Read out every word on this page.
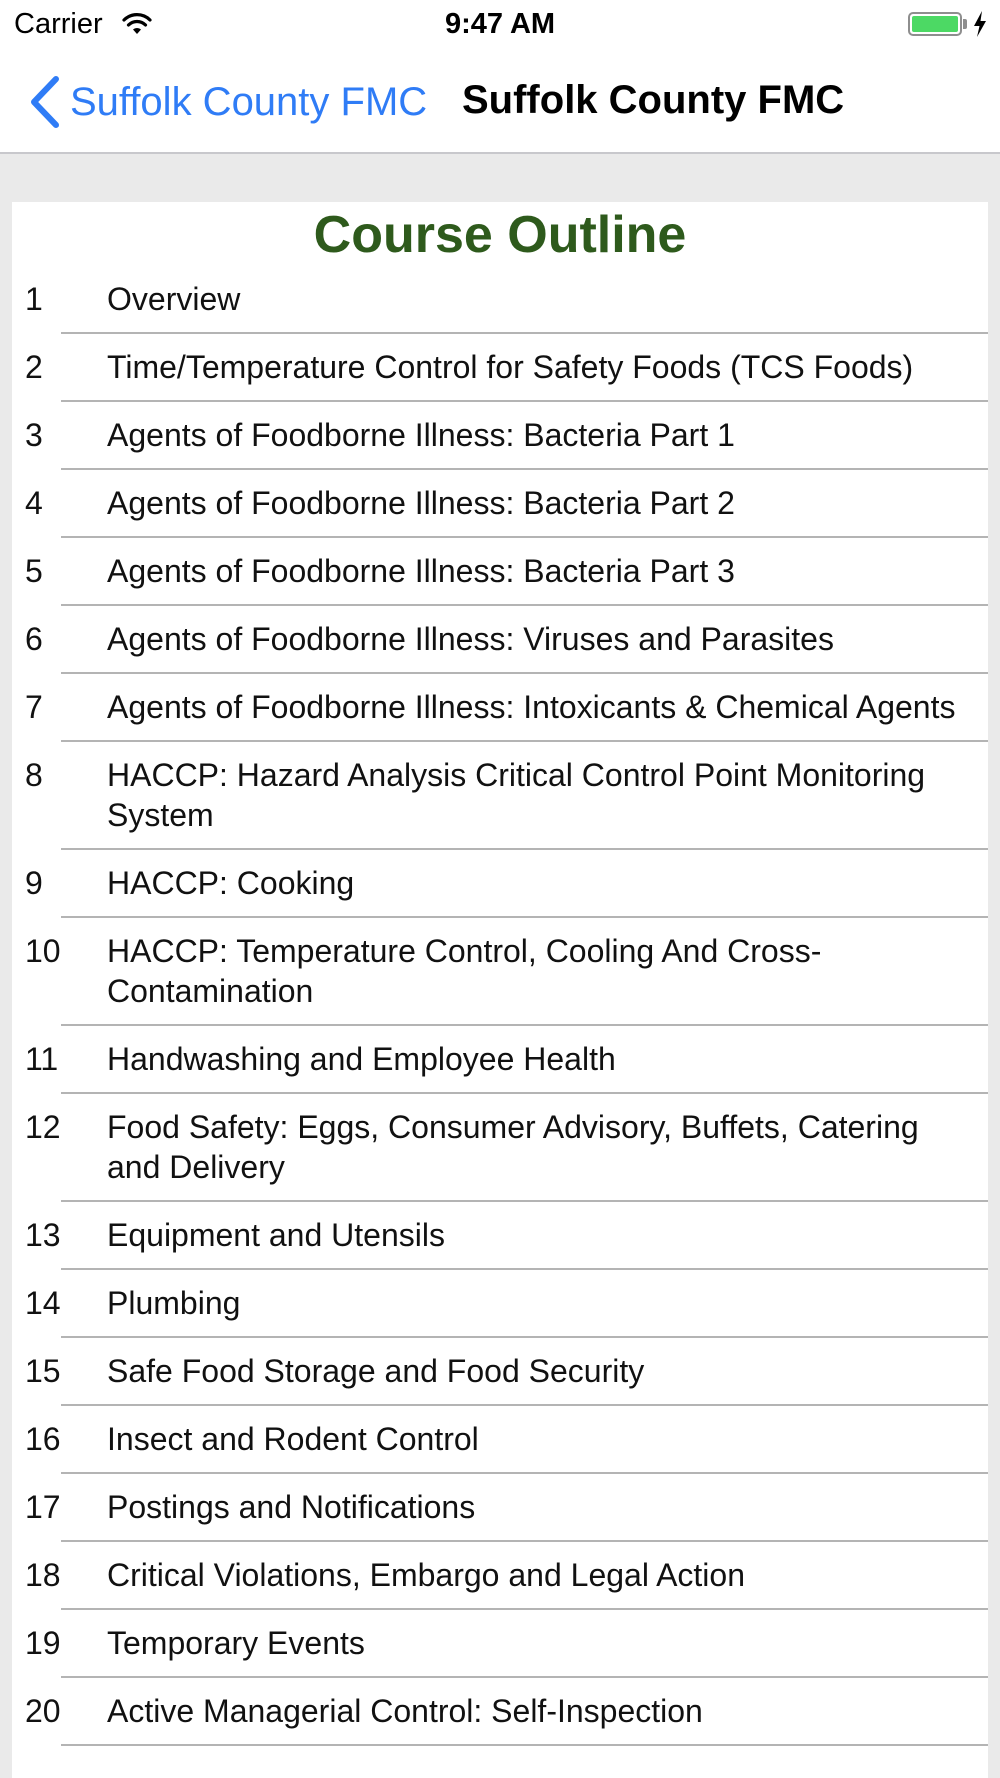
Carrier	9:47 AM
Suffolk County FMC Suffolk County FMC
Course Outline
1 Overview
2 Time/Temperature Control for Safety Foods (TCS Foods)
3 Agents of Foodborne Illness: Bacteria Part 1
4 Agents of Foodborne Illness: Bacteria Part 2
5 Agents of Foodborne Illness: Bacteria Part 3
6 Agents of Foodborne Illness: Viruses and Parasites
7 Agents of Foodborne Illness: Intoxicants & Chemical Agents
8 HACCP: Hazard Analysis Critical Control Point Monitoring System
9 HACCP: Cooking
10 HACCP: Temperature Control, Cooling And Cross-Contamination
11 Handwashing and Employee Health
12 Food Safety: Eggs, Consumer Advisory, Buffets, Catering and Delivery
13 Equipment and Utensils
14 Plumbing
15 Safe Food Storage and Food Security
16 Insect and Rodent Control
17 Postings and Notifications
18 Critical Violations, Embargo and Legal Action
19 Temporary Events
20 Active Managerial Control: Self-Inspection
